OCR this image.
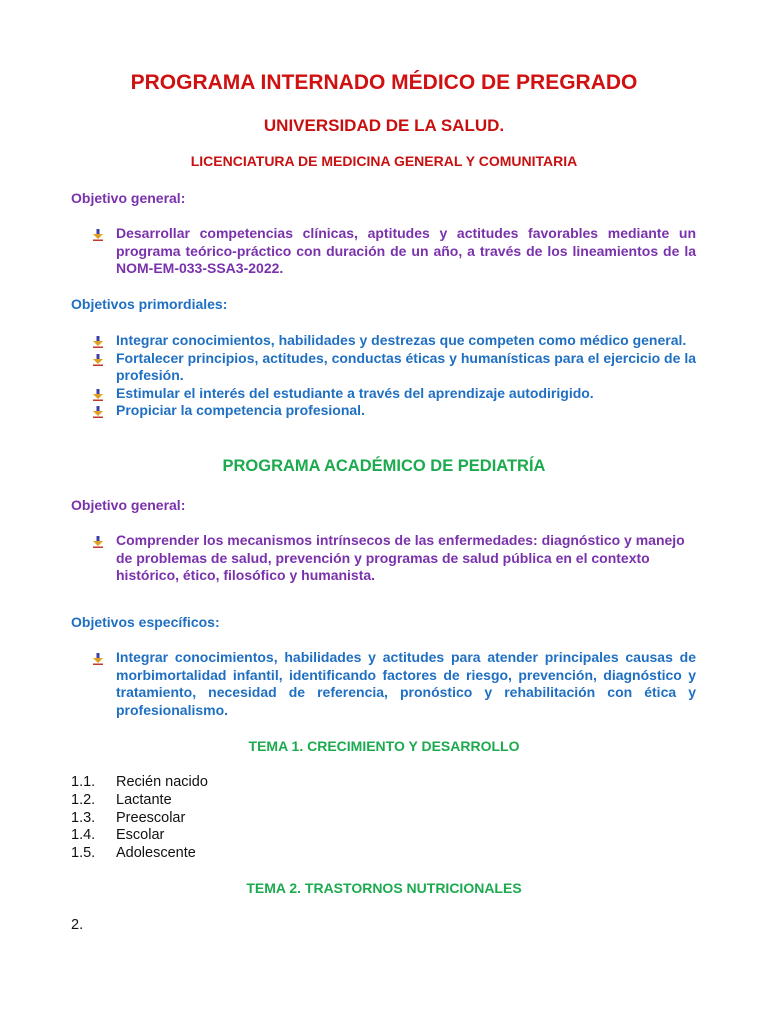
PROGRAMA INTERNADO MÉDICO DE PREGRADO
UNIVERSIDAD DE LA SALUD.
LICENCIATURA DE MEDICINA GENERAL Y COMUNITARIA

Objetivo general:

Desarrollar competencias clínicas, aptitudes y actitudes favorables mediante un programa teórico-práctico con duración de un año, a través de los lineamientos de la NOM-EM-033-SSA3-2022.

Objetivos primordiales:

Integrar conocimientos, habilidades y destrezas que competen como médico general.
Fortalecer principios, actitudes, conductas éticas y humanísticas para el ejercicio de la profesión.
Estimular el interés del estudiante a través del aprendizaje autodirigido.
Propiciar la competencia profesional.
PROGRAMA ACADÉMICO DE PEDIATRÍA

Objetivo general:

Comprender los mecanismos intrínsecos de las enfermedades: diagnóstico y manejo de problemas de salud, prevención y programas de salud pública en el contexto histórico, ético, filosófico y humanista.

Objetivos específicos:

Integrar conocimientos, habilidades y actitudes para atender principales causas de morbimortalidad infantil, identificando factores de riesgo, prevención, diagnóstico y tratamiento, necesidad de referencia, pronóstico y rehabilitación con ética y profesionalismo.
TEMA 1. CRECIMIENTO Y DESARROLLO
1.1. Recién nacido
1.2. Lactante
1.3. Preescolar
1.4. Escolar
1.5. Adolescente
TEMA 2. TRASTORNOS NUTRICIONALES

2.
